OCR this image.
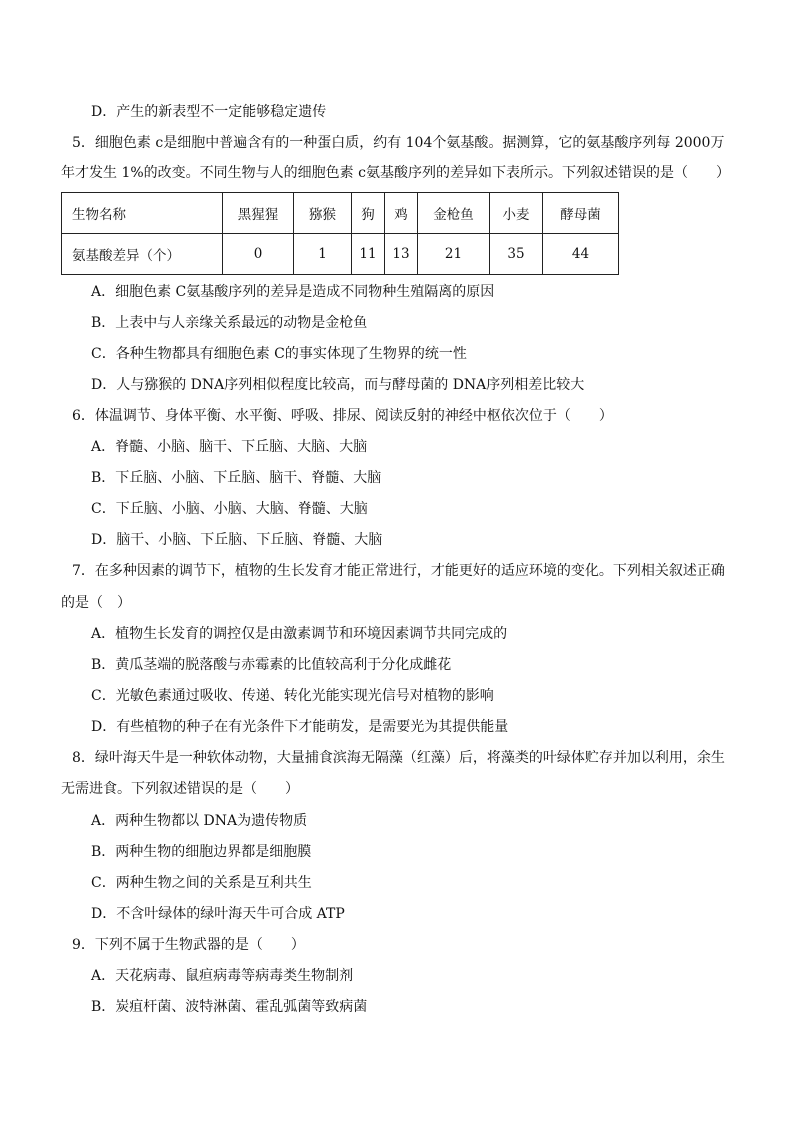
D．产生的新表型不一定能够稳定遗传
5．细胞色素 c是细胞中普遍含有的一种蛋白质，约有 104个氨基酸。据测算，它的氨基酸序列每 2000万
年才发生 1%的改变。不同生物与人的细胞色素 c氨基酸序列的差异如下表所示。下列叙述错误的是（　　）
生物名称	黑猩猩	猕猴	狗	鸡	金枪鱼	小麦	酵母菌
氨基酸差异（个）	0	1	11	13	21	35	44
A．细胞色素 C氨基酸序列的差异是造成不同物种生殖隔离的原因
B．上表中与人亲缘关系最远的动物是金枪鱼
C．各种生物都具有细胞色素 C的事实体现了生物界的统一性
D．人与猕猴的 DNA序列相似程度比较高，而与酵母菌的 DNA序列相差比较大
6．体温调节、身体平衡、水平衡、呼吸、排尿、阅读反射的神经中枢依次位于（　　）
A．脊髓、小脑、脑干、下丘脑、大脑、大脑
B．下丘脑、小脑、下丘脑、脑干、脊髓、大脑
C．下丘脑、小脑、小脑、大脑、脊髓、大脑
D．脑干、小脑、下丘脑、下丘脑、脊髓、大脑
7．在多种因素的调节下，植物的生长发育才能正常进行，才能更好的适应环境的变化。下列相关叙述正确
的是（　）
A．植物生长发育的调控仅是由激素调节和环境因素调节共同完成的
B．黄瓜茎端的脱落酸与赤霉素的比值较高利于分化成雌花
C．光敏色素通过吸收、传递、转化光能实现光信号对植物的影响
D．有些植物的种子在有光条件下才能萌发，是需要光为其提供能量
8．绿叶海天牛是一种软体动物，大量捕食滨海无隔藻（红藻）后，将藻类的叶绿体贮存并加以利用，余生
无需进食。下列叙述错误的是（　　）
A．两种生物都以 DNA为遗传物质
B．两种生物的细胞边界都是细胞膜
C．两种生物之间的关系是互利共生
D．不含叶绿体的绿叶海天牛可合成 ATP
9．下列不属于生物武器的是（　　）
A．天花病毒、鼠疸病毒等病毒类生物制剂
B．炭疽杆菌、波特淋菌、霍乱弧菌等致病菌
